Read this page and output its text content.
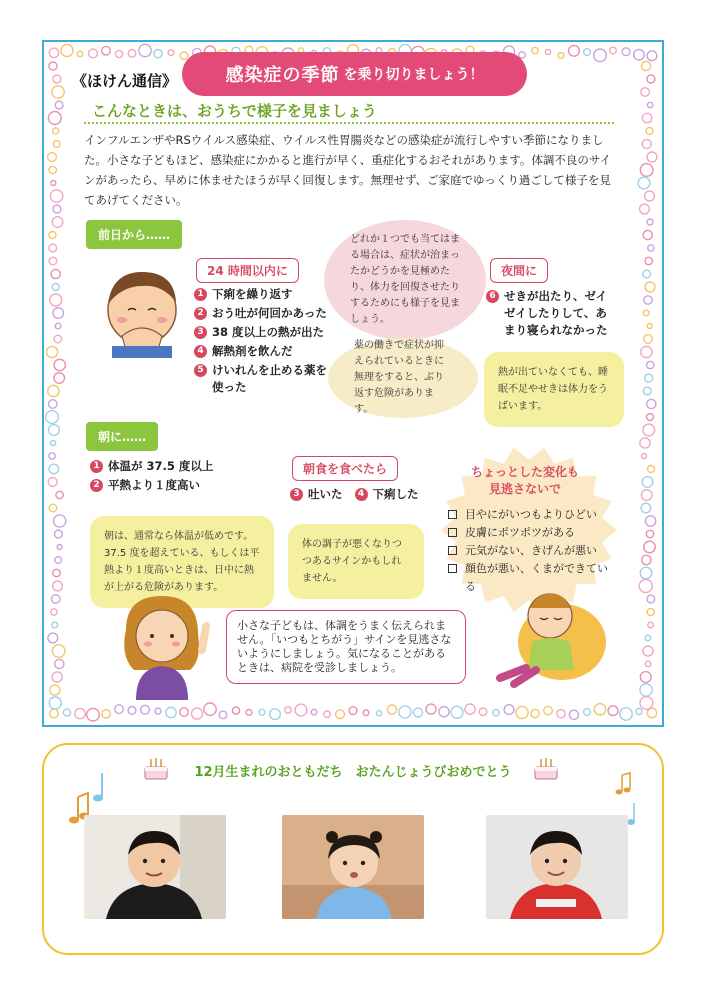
《ほけん通信》	感染症の季節 を乗り切りましょう！
こんなときは、おうちで様子を見ましょう

インフルエンザやRSウイルス感染症、ウイルス性胃腸炎などの感染症が流行しやすい季節になりました。小さな子どもほど、感染症にかかると進行が早く、重症化するおそれがあります。体調不良のサインがあったら、早めに休ませたほうが早く回復します。無理せず、ご家庭でゆっくり過ごして様子を見てあげてください。

前日から……
24 時間以内に
1 下痢を繰り返す
2 おう吐が何回かあった
3 38 度以上の熱が出た
4 解熱剤を飲んだ
5 けいれんを止める薬を使った
どれか１つでも当てはまる場合は、症状が治まったかどうかを見極めたり、体力を回復させたりするためにも様子を見ましょう。
薬の働きで症状が抑えられているときに無理をすると、ぶり返す危険があります。
夜間に
6 せきが出たり、ゼイゼイしたりして、あまり寝られなかった
熱が出ていなくても、睡眠不足やせきは体力をうばいます。
朝に……
1 体温が 37.5 度以上
2 平熱より１度高い
朝は、通常なら体温が低めです。37.5 度を超えている、もしくは平熱より１度高いときは、日中に熱が上がる危険があります。
朝食を食べたら
3 吐いた	4 下痢した
体の調子が悪くなりつつあるサインかもしれません。
ちょっとした変化も
見逃さないで
目やにがいつもよりひどい
皮膚にポツポツがある
元気がない、きげんが悪い
顔色が悪い、くまができている
小さな子どもは、体調をうまく伝えられません。「いつもとちがう」サインを見逃さないようにしましょう。気になることがあるときは、病院を受診しましょう。
12月生まれのおともだち　おたんじょうびおめでとう
